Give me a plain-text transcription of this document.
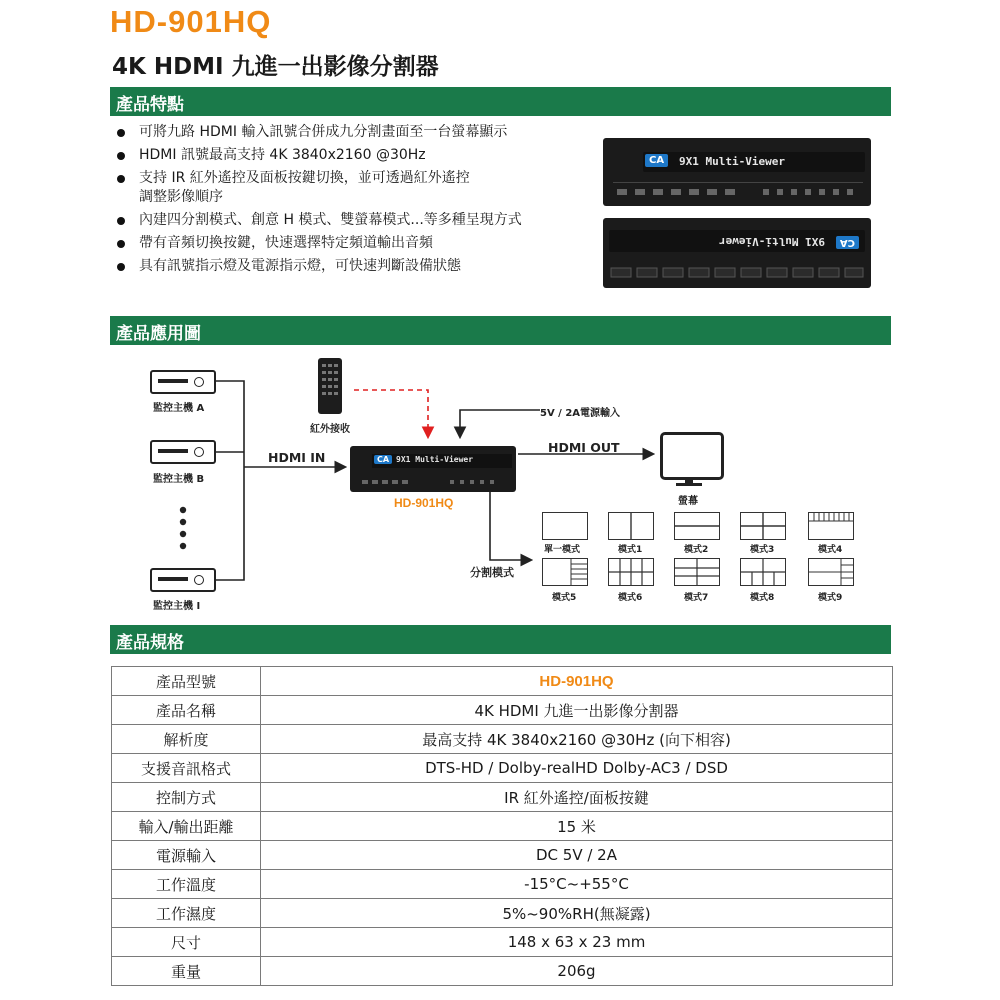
HD-901HQ
4K HDMI 九進一出影像分割器
產品特點
可將九路 HDMI 輸入訊號合併成九分割畫面至一台螢幕顯示
HDMI 訊號最高支持 4K 3840x2160 @30Hz
支持 IR 紅外遙控及面板按鍵切換，並可透過紅外遙控
調整影像順序
內建四分割模式、創意 H 模式、雙螢幕模式...等多種呈現方式
帶有音頻切換按鍵，快速選擇特定頻道輸出音頻
具有訊號指示燈及電源指示燈，可快速判斷設備狀態
CA	9X1 Multi-Viewer
CA
9X1 Multi-Viewer
產品應用圖
監控主機 A
監控主機 B
監控主機 I
紅外接收
5V / 2A電源輸入
HDMI IN
HDMI OUT
CA 9X1 Multi-Viewer
HD-901HQ	螢幕
分割模式
單一模式	模式1	模式2	模式3	模式4
模式5	模式6	模式7	模式8	模式9
產品規格
產品型號	HD-901HQ
產品名稱	4K HDMI 九進一出影像分割器
解析度	最高支持 4K 3840x2160 @30Hz (向下相容)
支援音訊格式	DTS-HD / Dolby-realHD Dolby-AC3 / DSD
控制方式	IR 紅外遙控/面板按鍵
輸入/輸出距離	15 米
電源輸入	DC 5V / 2A
工作溫度	-15°C~+55°C
工作濕度	5%~90%RH(無凝露)
尺寸	148 x 63 x 23 mm
重量	206g
